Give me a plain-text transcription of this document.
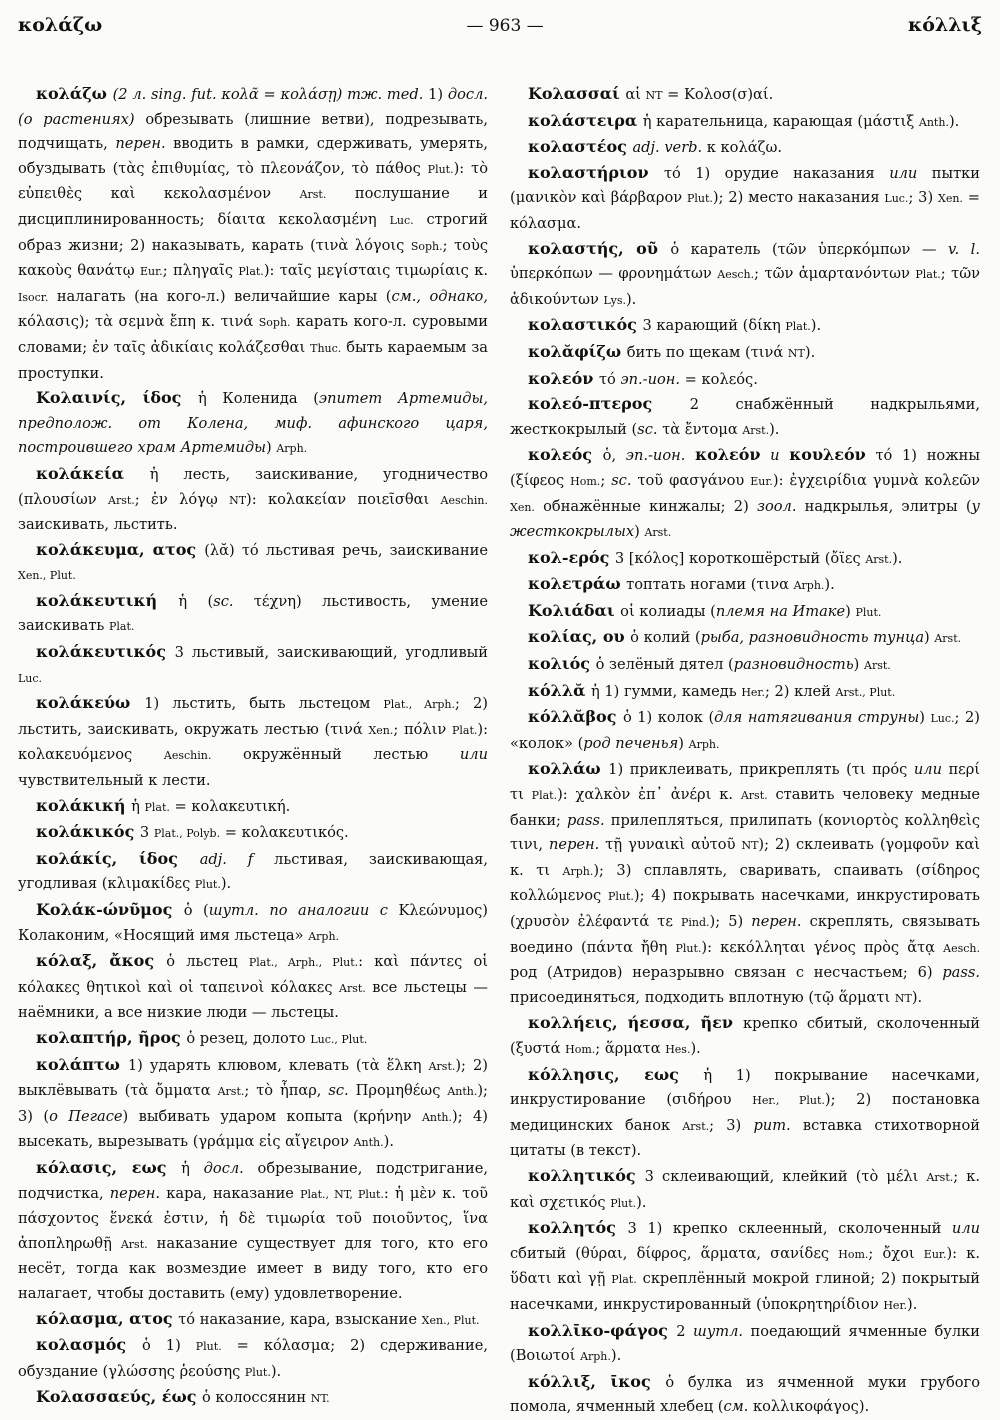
κολάζω	— 963 —	κόλλιξ

κολάζω (2 л. sing. fut. κολᾶ = κολάσῃ) тж. med. 1) досл. (о растениях) обрезывать (лишние ветви), подрезывать, подчищать, перен. вводить в рамки, сдерживать, умерять, обуздывать (τὰς ἐπιθυμίας, τὸ πλεονάζον, τὸ πάθος Plut.): τὸ εὐπειθὲς καὶ κεκολασμένον Arst. послушание и дисциплинированность; δίαιτα κεκολασμένη Luc. строгий образ жизни; 2) наказывать, карать (τινὰ λόγοις Soph.; τοὺς κακοὺς θανάτῳ Eur.; πληγαῖς Plat.): ταῖς μεγίσταις τιμωρίαις κ. Isocr. налагать (на кого-л.) величайшие кары (см., однако, κόλασις); τὰ σεμνὰ ἔπη κ. τινά Soph. карать кого-л. суровыми словами; ἐν ταῖς ἀδικίαις κολάζεσθαι Thuc. быть караемым за проступки.

Κολαινίς, ίδος ἡ Коленида (эпитет Артемиды, предполож. от Колена, миф. афинского царя, построившего храм Артемиды) Arph.

κολάκεία ἡ лесть, заискивание, угодничество (πλουσίων Arst.; ἐν λόγῳ NT): κολακείαν ποιεῖσθαι Aeschin. заискивать, льстить.

κολάκευμα, ατος (λᾰ) τό льстивая речь, заискивание Xen., Plut.

κολάκευτική ἡ (sc. τέχνη) льстивость, умение заискивать Plat.

κολάκευτικός 3 льстивый, заискивающий, угодливый Luc.

κολάκεύω 1) льстить, быть льстецом Plat., Arph.; 2) льстить, заискивать, окружать лестью (τινά Xen.; πόλιν Plat.): κολακευόμενος Aeschin. окружённый лестью или чувствительный к лести.

κολάκική ἡ Plat. = κολακευτική.

κολάκικός 3 Plat., Polyb. = κολακευτικός.

κολάκίς, ίδος adj. f льстивая, заискивающая, угодливая (κλιμακίδες Plut.).

Κολάκ-ώνῦμος ὁ (шутл. по аналогии с Κλεώνυμος) Колаконим, «Носящий имя льстеца» Arph.

κόλαξ, ἄκος ὁ льстец Plat., Arph., Plut.: καὶ πάντες οἱ κόλακες θητικοὶ καὶ οἱ ταπεινοὶ κόλακες Arst. все льстецы — наёмники, а все низкие люди — льстецы.

κολαπτήρ, ῆρος ὁ резец, долото Luc., Plut.

κολάπτω 1) ударять клювом, клевать (τὰ ἕλκη Arst.); 2) выклёвывать (τὰ ὄμματα Arst.; τὸ ἧπαρ, sc. Προμηθέως Anth.); 3) (о Пегасе) выбивать ударом копыта (κρήνην Anth.); 4) высекать, вырезывать (γράμμα εἰς αἴγειρον Anth.).

κόλασις, εως ἡ досл. обрезывание, подстригание, подчистка, перен. кара, наказание Plat., NT, Plut.: ἡ μὲν κ. τοῦ πάσχοντος ἕνεκά ἐστιν, ἡ δὲ τιμωρία τοῦ ποιοῦντος, ἵνα ἀποπληρωθῇ Arst. наказание существует для того, кто его несёт, тогда как возмездие имеет в виду того, кто его налагает, чтобы доставить (ему) удовлетворение.

κόλασμα, ατος τό наказание, кара, взыскание Xen., Plut.

κολασμός ὁ 1) Plut. = κόλασμα; 2) сдерживание, обуздание (γλώσσης ῥεούσης Plut.).

Κολασσαεύς, έως ὁ колоссянин NT.

Κολασσαί αἱ NT = Κολοσ(σ)αί.

κολάστειρα ἡ карательница, карающая (μάστιξ Anth.).

κολαστέος adj. verb. к κολάζω.

κολαστήριον τό 1) орудие наказания или пытки (μανικὸν καὶ βάρβαρον Plut.); 2) место наказания Luc.; 3) Xen. = κόλασμα.

κολαστής, οῦ ὁ каратель (τῶν ὑπερκόμπων — v. l. ὑπερκόπων — φρονημάτων Aesch.; τῶν ἁμαρτανόντων Plat.; τῶν ἀδικούντων Lys.).

κολαστικός 3 карающий (δίκη Plat.).

κολᾰφίζω бить по щекам (τινά NT).

κολεόν τό эп.-ион. = κολεός.

κολεό-πτερος 2 снабжённый надкрыльями, жесткокрылый (sc. τὰ ἔντομα Arst.).

κολεός ὁ, эп.-ион. κολεόν и κουλεόν τό 1) ножны (ξίφεος Hom.; sc. τοῦ φασγάνου Eur.): ἐγχειρίδια γυμνὰ κολεῶν Xen. обнажённые кинжалы; 2) зоол. надкрылья, элитры (у жесткокрылых) Arst.

κολ-ερός 3 [κόλος] короткошёрстый (ὄϊες Arst.).

κολετράω топтать ногами (τινα Arph.).

Κολιάδαι οἱ колиады (племя на Итаке) Plut.

κολίας, ου ὁ колий (рыба, разновидность тунца) Arst.

κολιός ὁ зелёный дятел (разновидность) Arst.

κόλλᾰ ἡ 1) гумми, камедь Her.; 2) клей Arst., Plut.

κόλλᾰβος ὁ 1) колок (для натягивания струны) Luc.; 2) «колок» (род печенья) Arph.

κολλάω 1) приклеивать, прикреплять (τι πρός или περί τι Plat.): χαλκὸν ἐπ᾽ ἀνέρι κ. Arst. ставить человеку медные банки; pass. прилепляться, прилипать (κονιορτὸς κολληθεὶς τινι, перен. τῇ γυναικὶ αὐτοῦ NT); 2) склеивать (γομφοῦν καὶ κ. τι Arph.); 3) сплавлять, сваривать, спаивать (σίδηρος κολλώμενος Plut.); 4) покрывать насечками, инкрустировать (χρυσὸν ἐλέφαντά τε Pind.); 5) перен. скреплять, связывать воедино (πάντα ἤθη Plut.): κεκόλληται γένος πρὸς ἄτᾳ Aesch. род (Атридов) неразрывно связан с несчастьем; 6) pass. присоединяться, подходить вплотную (τῷ ἅρματι NT).

κολλήεις, ήεσσα, ῆεν крепко сбитый, сколоченный (ξυστά Hom.; ἅρματα Hes.).

κόλλησις, εως ἡ 1) покрывание насечками, инкрустирование (σιδήρου Her., Plut.); 2) постановка медицинских банок Arst.; 3) рит. вставка стихотворной цитаты (в текст).

κολλητικός 3 склеивающий, клейкий (τὸ μέλι Arst.; κ. καὶ σχετικός Plut.).

κολλητός 3 1) крепко склеенный, сколоченный или сбитый (θύραι, δίφρος, ἅρματα, σανίδες Hom.; ὄχοι Eur.): κ. ὕδατι καὶ γῇ Plat. скреплённый мокрой глиной; 2) покрытый насечками, инкрустированный (ὑποκρητηρίδιον Her.).

κολλῑκο-φάγος 2 шутл. поедающий ячменные булки (Βοιωτοί Arph.).

κόλλιξ, ῑκος ὁ булка из ячменной муки грубого помола, ячменный хлебец (см. κολλικοφάγος).
